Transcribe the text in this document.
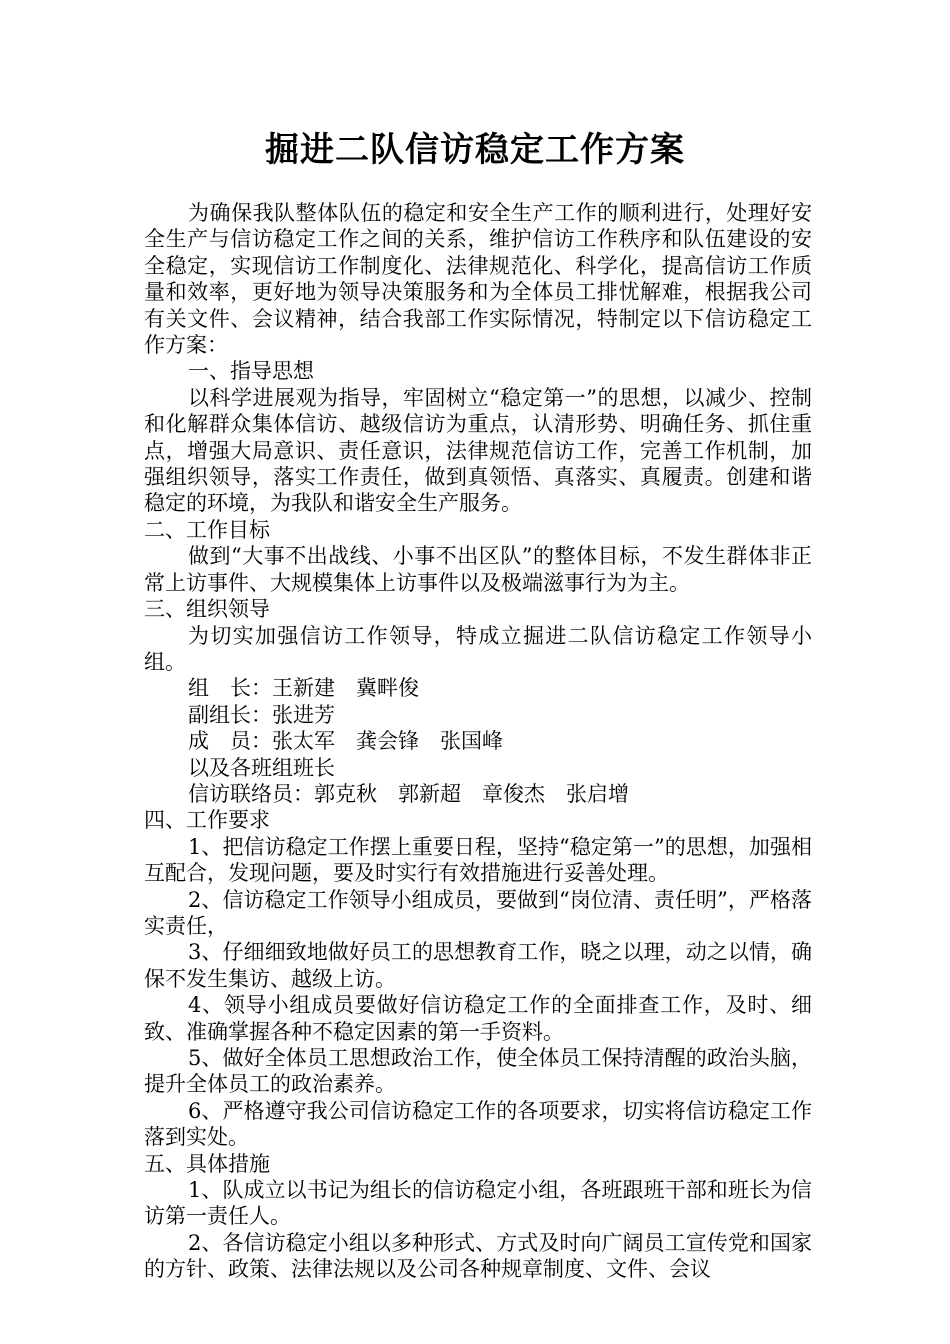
掘进二队信访稳定工作方案

为确保我队整体队伍的稳定和安全生产工作的顺利进行，处理好安全生产与信访稳定工作之间的关系，维护信访工作秩序和队伍建设的安全稳定，实现信访工作制度化、法律规范化、科学化，提高信访工作质量和效率，更好地为领导决策服务和为全体员工排忧解难，根据我公司有关文件、会议精神，结合我部工作实际情况，特制定以下信访稳定工作方案：

一、指导思想

以科学进展观为指导，牢固树立“稳定第一”的思想，以减少、控制和化解群众集体信访、越级信访为重点，认清形势、明确任务、抓住重点，增强大局意识、责任意识，法律规范信访工作，完善工作机制，加强组织领导，落实工作责任，做到真领悟、真落实、真履责。创建和谐稳定的环境，为我队和谐安全生产服务。

二、工作目标

做到“大事不出战线、小事不出区队”的整体目标，不发生群体非正常上访事件、大规模集体上访事件以及极端滋事行为为主。

三、组织领导

为切实加强信访工作领导，特成立掘进二队信访稳定工作领导小组。

组　长：王新建　冀畔俊

副组长：张进芳

成　员：张太军　龚会锋　张国峰

以及各班组班长

信访联络员：郭克秋　郭新超　章俊杰　张启增

四、工作要求

1、把信访稳定工作摆上重要日程，坚持“稳定第一”的思想，加强相互配合，发现问题，要及时实行有效措施进行妥善处理。

2、信访稳定工作领导小组成员，要做到“岗位清、责任明”，严格落实责任，

3、仔细细致地做好员工的思想教育工作，晓之以理，动之以情，确保不发生集访、越级上访。

4、领导小组成员要做好信访稳定工作的全面排查工作，及时、细致、准确掌握各种不稳定因素的第一手资料。

5、做好全体员工思想政治工作，使全体员工保持清醒的政治头脑，提升全体员工的政治素养。

6、严格遵守我公司信访稳定工作的各项要求，切实将信访稳定工作落到实处。

五、具体措施

1、队成立以书记为组长的信访稳定小组，各班跟班干部和班长为信访第一责任人。

2、各信访稳定小组以多种形式、方式及时向广阔员工宣传党和国家的方针、政策、法律法规以及公司各种规章制度、文件、会议
